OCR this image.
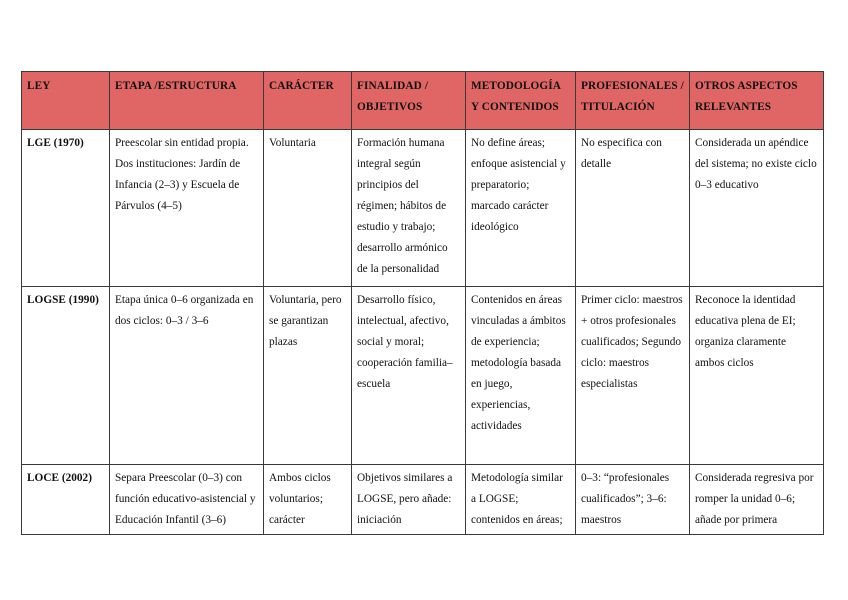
LEY	ETAPA /ESTRUCTURA	CARÁCTER	FINALIDAD / OBJETIVOS	METODOLOGÍA Y CONTENIDOS	PROFESIONALES / TITULACIÓN	OTROS ASPECTOS RELEVANTES
LGE (1970)	Preescolar sin entidad propia. Dos instituciones: Jardín de Infancia (2–3) y Escuela de Párvulos (4–5)	Voluntaria	Formación humana integral según principios del régimen; hábitos de estudio y trabajo; desarrollo armónico de la personalidad	No define áreas; enfoque asistencial y preparatorio; marcado carácter ideológico	No especifica con detalle	Considerada un apéndice del sistema; no existe ciclo 0–3 educativo
LOGSE (1990)	Etapa única 0–6 organizada en dos ciclos: 0–3 / 3–6	Voluntaria, pero se garantizan plazas	Desarrollo físico, intelectual, afectivo, social y moral; cooperación familia–escuela	Contenidos en áreas vinculadas a ámbitos de experiencia; metodología basada en juego, experiencias, actividades	Primer ciclo: maestros + otros profesionales cualificados; Segundo ciclo: maestros especialistas	Reconoce la identidad educativa plena de EI; organiza claramente ambos ciclos
LOCE (2002)	Separa Preescolar (0–3) con función educativo-asistencial y Educación Infantil (3–6)	Ambos ciclos voluntarios; carácter	Objetivos similares a LOGSE, pero añade: iniciación	Metodología similar a LOGSE; contenidos en áreas;	0–3: “profesionales cualificados”; 3–6: maestros	Considerada regresiva por romper la unidad 0–6; añade por primera
